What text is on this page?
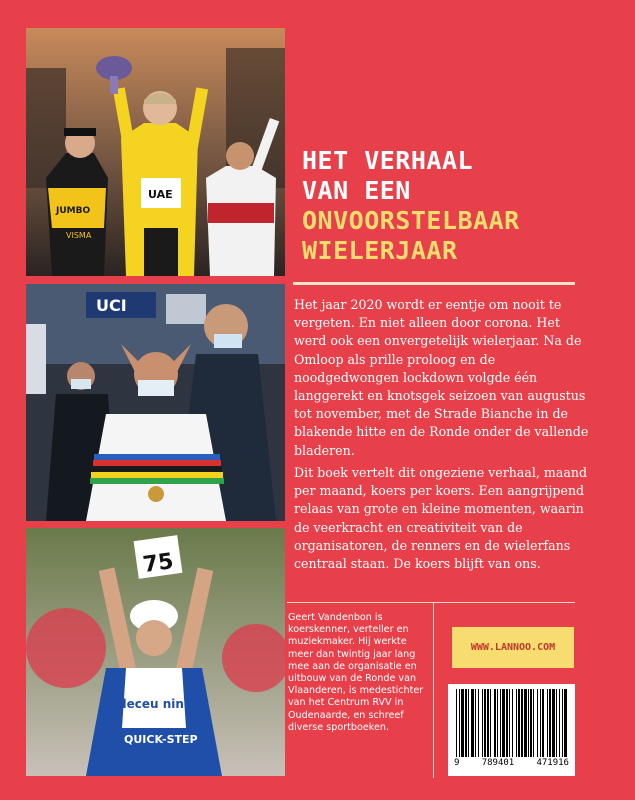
JUMBO
VISMA
UAE
UCI
75
deceu ninck
QUICK-STEP
HET VERHAAL
VAN EEN
ONVOORSTELBAAR
WIELERJAAR

Het jaar 2020 wordt er eentje om nooit te vergeten. En niet alleen door corona. Het werd ook een onvergetelijk wielerjaar. Na de Omloop als prille proloog en de noodgedwongen lockdown volgde één langgerekt en knotsgek seizoen van augustus tot november, met de Strade Bianche in de blakende hitte en de Ronde onder de vallende bladeren.

Dit boek vertelt dit ongeziene verhaal, maand per maand, koers per koers. Een aangrijpend relaas van grote en kleine momenten, waarin de veerkracht en creativiteit van de organisatoren, de renners en de wielerfans centraal staan. De koers blijft van ons.

Geert Vandenbon is koerskenner, verteller en muziekmaker. Hij werkte meer dan twintig jaar lang mee aan de organisatie en uitbouw van de Ronde van Vlaanderen, is medestichter van het Centrum RVV in Oudenaarde, en schreef diverse sportboeken.

WWW.LANNOO.COM
9 789401 471916
